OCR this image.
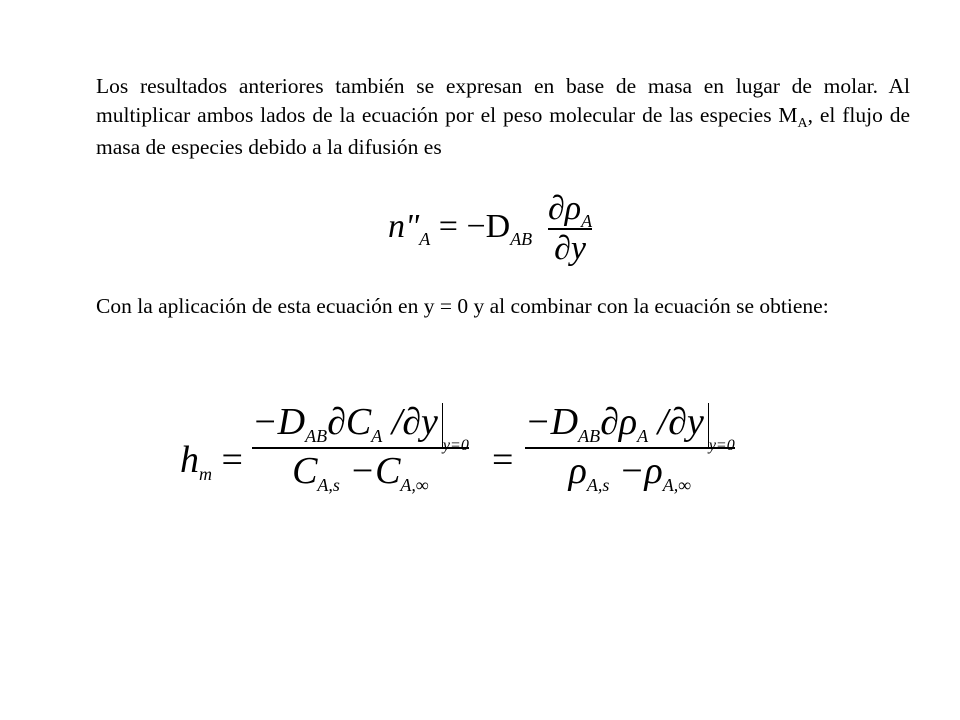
Los resultados anteriores también se expresan en base de masa en lugar de molar. Al multiplicar ambos lados de la ecuación por el peso molecular de las especies $M_A$, el flujo de masa de especies debido a la difusión es
$n"_A = -D_{AB}$
$\partial\rho_A$
∂y
Con la aplicación de esta ecuación en y = 0 y al combinar con la ecuación se obtiene:
$h_m$ =
$-D_{AB}\partial C_A$ $/\partial y_{y=0}$
$C_{A,s} -C_{A,\infty}$
=
$-D_{AB}\partial\rho_A$ $/\partial y_{y=0}$
$\rho_{A,s} -\rho_{A,\infty}$
